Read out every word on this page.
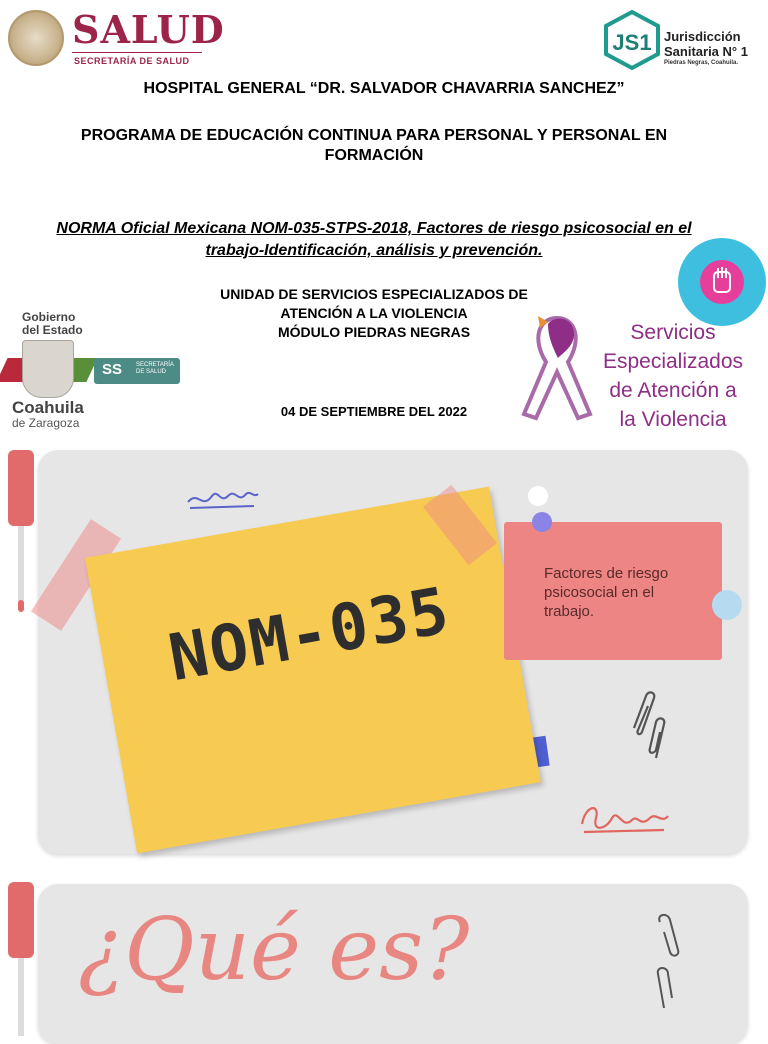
SALUD
SECRETARÍA DE SALUD
JS1 Jurisdicción
Sanitaria N° 1
Piedras Negras, Coahuila.
HOSPITAL GENERAL “DR. SALVADOR CHAVARRIA SANCHEZ”
PROGRAMA DE EDUCACIÓN CONTINUA PARA PERSONAL Y PERSONAL EN FORMACIÓN
NORMA Oficial Mexicana NOM-035-STPS-2018, Factores de riesgo psicosocial en el trabajo-Identificación, análisis y prevención.
UNIDAD DE SERVICIOS ESPECIALIZADOS DE
ATENCIÓN A LA VIOLENCIA
MÓDULO PIEDRAS NEGRAS
04 DE SEPTIEMBRE DEL 2022
Gobierno
del Estado
SS SECRETARÍA DE SALUD
Coahuila
de Zaragoza
Servicios
Especializados
de Atención a
la Violencia
NOM-035
Factores de riesgo psicosocial en el trabajo.
¿Qué es?
